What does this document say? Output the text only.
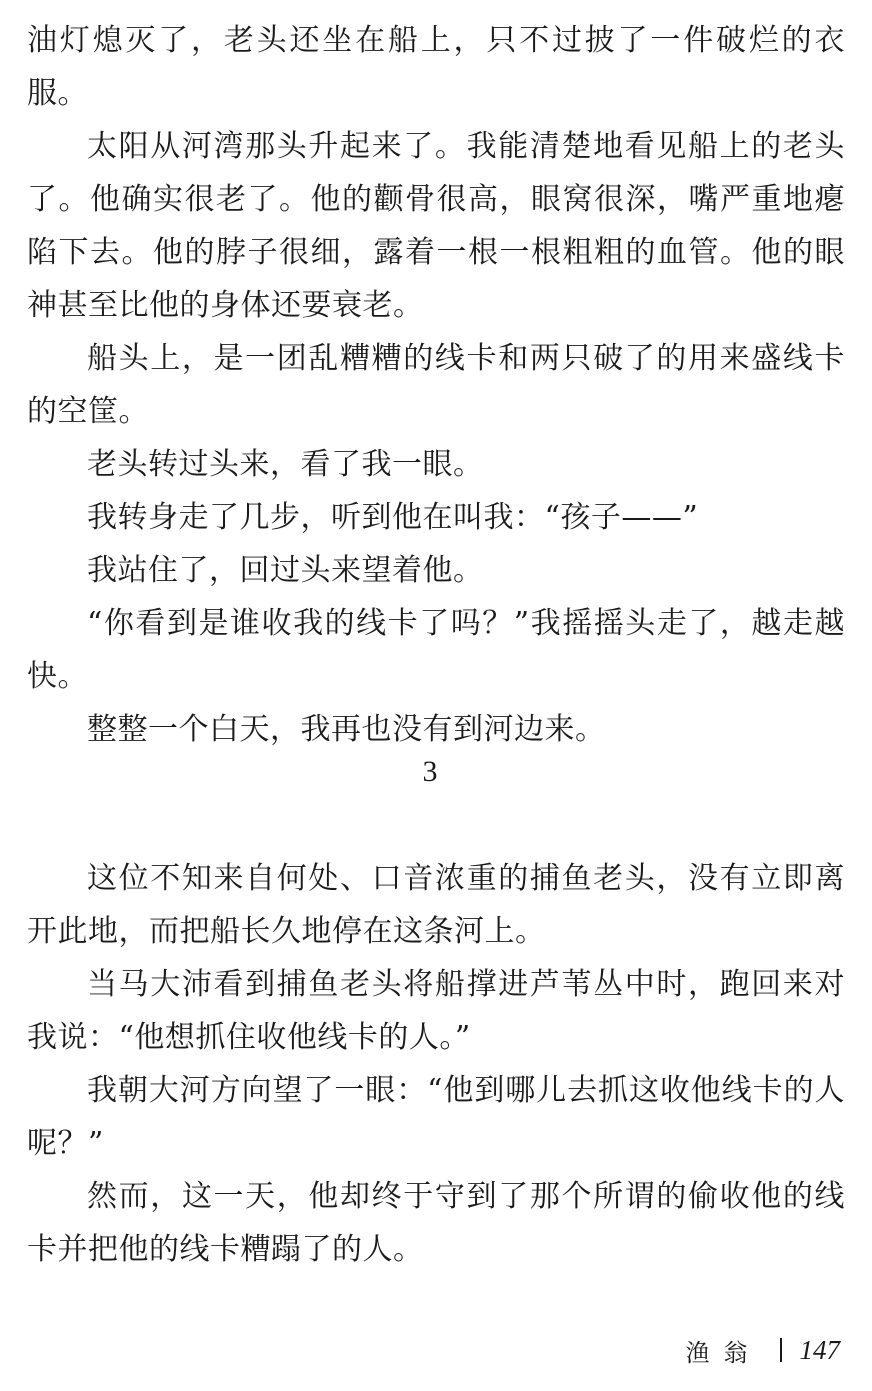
油灯熄灭了，老头还坐在船上，只不过披了一件破烂的衣服。

太阳从河湾那头升起来了。我能清楚地看见船上的老头了。他确实很老了。他的颧骨很高，眼窝很深，嘴严重地瘪陷下去。他的脖子很细，露着一根一根粗粗的血管。他的眼神甚至比他的身体还要衰老。

船头上，是一团乱糟糟的线卡和两只破了的用来盛线卡的空筐。

老头转过头来，看了我一眼。

我转身走了几步，听到他在叫我：“孩子——”

我站住了，回过头来望着他。

“你看到是谁收我的线卡了吗？”我摇摇头走了，越走越快。

整整一个白天，我再也没有到河边来。

3

这位不知来自何处、口音浓重的捕鱼老头，没有立即离开此地，而把船长久地停在这条河上。

当马大沛看到捕鱼老头将船撑进芦苇丛中时，跑回来对我说：“他想抓住收他线卡的人。”

我朝大河方向望了一眼：“他到哪儿去抓这收他线卡的人呢？”

然而，这一天，他却终于守到了那个所谓的偷收他的线卡并把他的线卡糟蹋了的人。

渔翁 147
